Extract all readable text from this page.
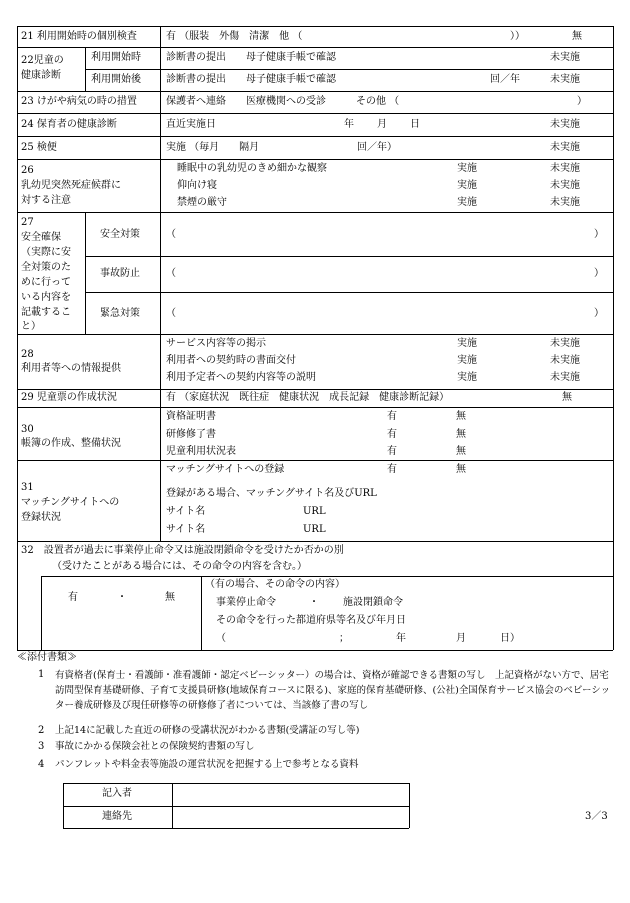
21 利用開始時の個別検査	有 （服装　外傷　清潔　他 （	））	無
22児童の
健康診断
利用開始時	診断書の提出　　母子健康手帳で確認	未実施
利用開始後	診断書の提出　　母子健康手帳で確認	回／年	未実施
23 けがや病気の時の措置	保護者へ連絡　　医療機関への受診　　　その他 （	）
24 保育者の健康診断	直近実施日	年 月 日	未実施
25 検便	実施 （毎月　　隔月	回／年）	未実施
26
乳幼児突然死症候群に
対する注意
睡眠中の乳幼児のきめ細かな観察	実施	未実施
仰向け寝	実施	未実施
禁煙の厳守	実施	未実施
27
安全確保
（実際に安
全対策のた
めに行って
いる内容を
記載するこ
と）
安全対策	（	）
事故防止	（	）
緊急対策	（	）
28
利用者等への情報提供
サービス内容等の掲示	実施	未実施
利用者への契約時の書面交付	実施	未実施
利用予定者への契約内容等の説明	実施	未実施
29 児童票の作成状況	有 （家庭状況　既往症　健康状況　成長記録　健康診断記録）	無
30
帳簿の作成、整備状況
資格証明書	有	無
研修修了書	有	無
児童利用状況表	有	無
31
マッチングサイトへの
登録状況
マッチングサイトへの登録	有	無
登録がある場合、マッチングサイト名及びURL
サイト名	URL
サイト名	URL
32　設置者が過去に事業停止命令又は施設閉鎖命令を受けたか否かの別
（受けたことがある場合には、その命令の内容を含む。）
有	・	無
（有の場合、その命令の内容）
事業停止命令	・ 施設閉鎖命令
その命令を行った都道府県等名及び年月日
（	；	年	月	日）
≪添付書類≫
1 有資格者(保育士・看護師・准看護師・認定ベビーシッター）の場合は、資格が確認できる書類の写し　上記資格がない方で、居宅訪問型保育基礎研修、子育て支援員研修(地域保育コースに限る)、家庭的保育基礎研修、(公社)全国保育サービス協会のベビーシッター養成研修及び現任研修等の研修修了者については、当該修了書の写し
2 上記14に記載した直近の研修の受講状況がわかる書類(受講証の写し等)
3 事故にかかる保険会社との保険契約書類の写し
4 パンフレットや料金表等施設の運営状況を把握する上で参考となる資料
記入者
連絡先	3／3
